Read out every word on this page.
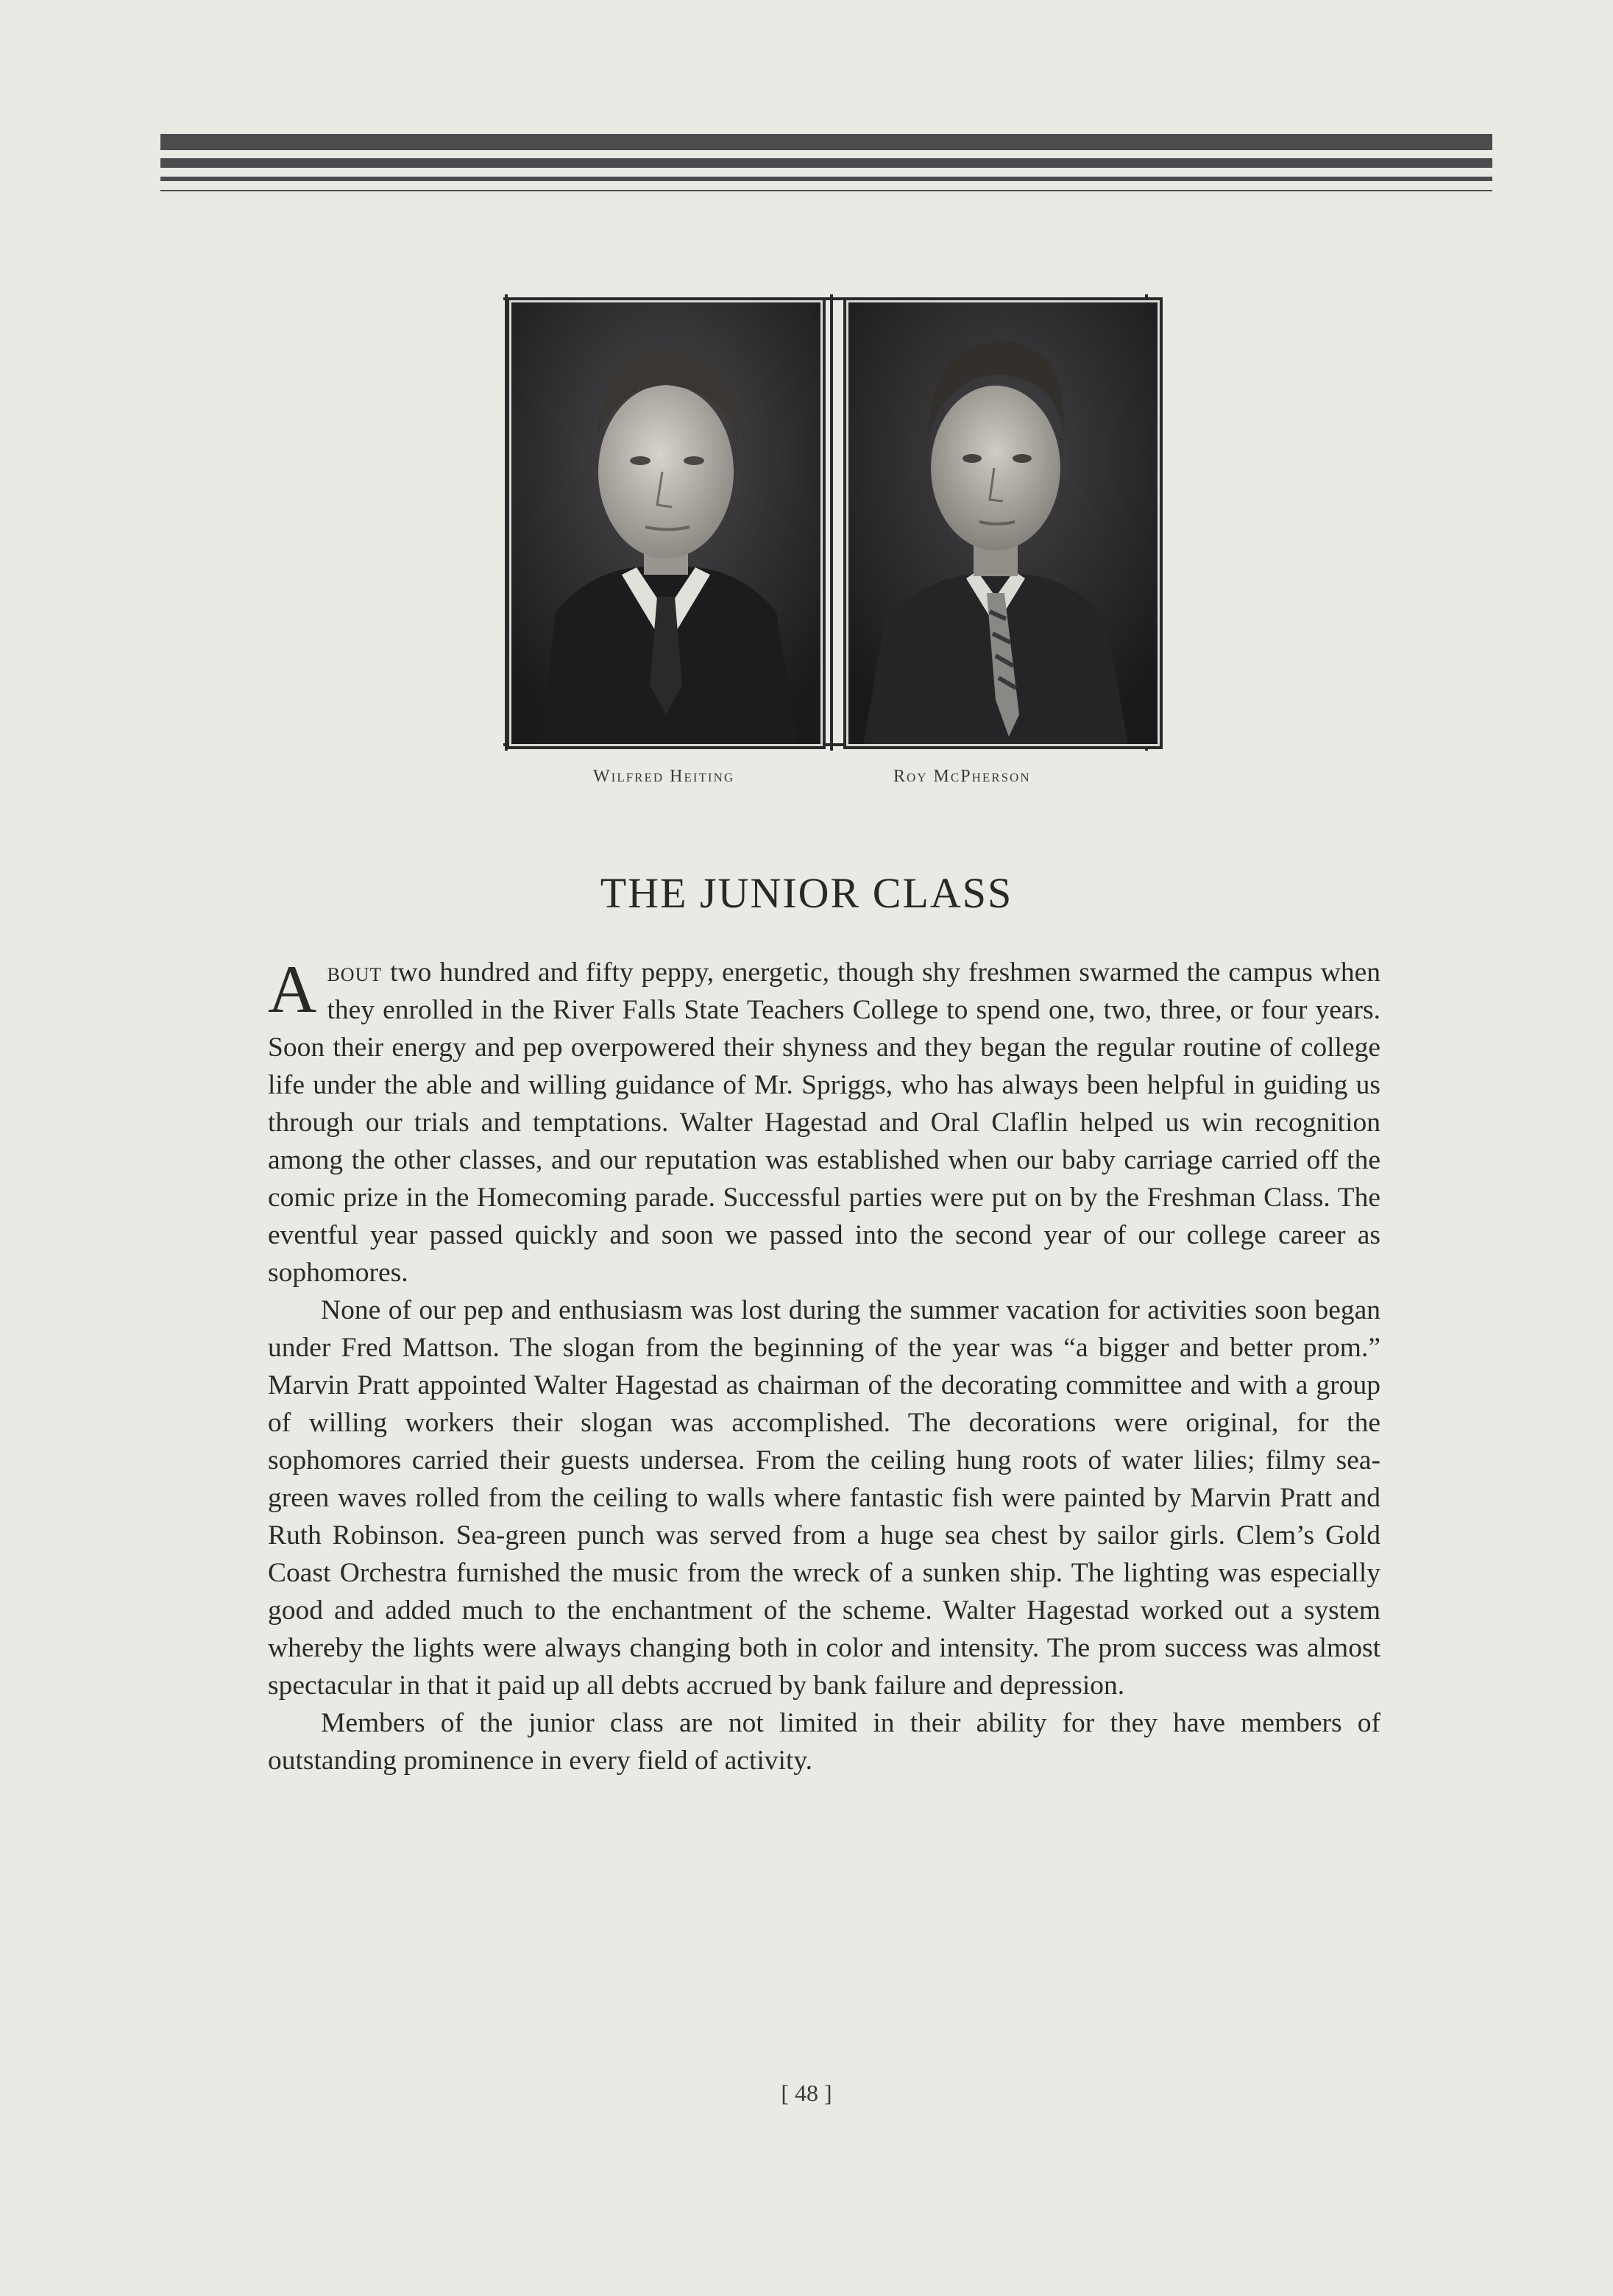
Wilfred Heiting	Roy McPherson
THE JUNIOR CLASS

About two hundred and fifty peppy, energetic, though shy freshmen swarmed the campus when they enrolled in the River Falls State Teachers College to spend one, two, three, or four years. Soon their energy and pep overpowered their shyness and they began the regular routine of college life under the able and willing guidance of Mr. Spriggs, who has always been helpful in guiding us through our trials and temptations. Walter Hagestad and Oral Claflin helped us win recognition among the other classes, and our reputation was established when our baby carriage carried off the comic prize in the Homecoming parade. Successful parties were put on by the Freshman Class. The eventful year passed quickly and soon we passed into the second year of our college career as sophomores.

None of our pep and enthusiasm was lost during the summer vacation for activities soon began under Fred Mattson. The slogan from the beginning of the year was “a bigger and better prom.” Marvin Pratt appointed Walter Hagestad as chairman of the decorating committee and with a group of willing workers their slogan was accomplished. The decorations were original, for the sophomores carried their guests undersea. From the ceiling hung roots of water lilies; filmy sea-green waves rolled from the ceiling to walls where fantastic fish were painted by Marvin Pratt and Ruth Robinson. Sea-green punch was served from a huge sea chest by sailor girls. Clem’s Gold Coast Orchestra furnished the music from the wreck of a sunken ship. The lighting was especially good and added much to the enchantment of the scheme. Walter Hagestad worked out a system whereby the lights were always changing both in color and intensity. The prom success was almost spectacular in that it paid up all debts accrued by bank failure and depression.

Members of the junior class are not limited in their ability for they have members of outstanding prominence in every field of activity.

[ 48 ]
